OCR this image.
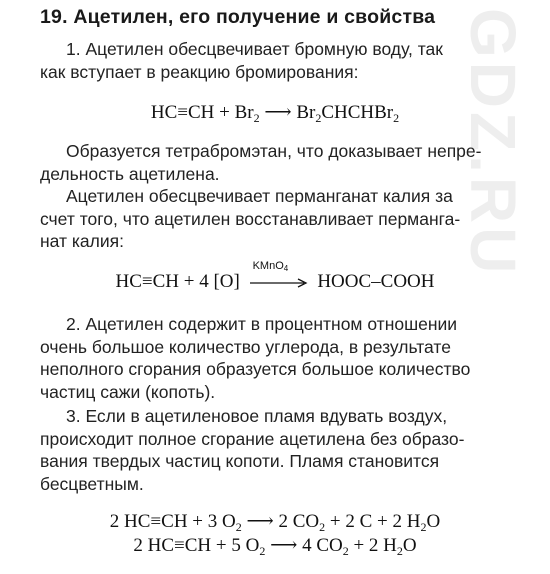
GDZ.RU
19. Ацетилен, его получение и свойства

1. Ацетилен обесцвечивает бромную воду, так
как вступает в реакцию бромирования:

$HC\equiv CH + Br_2$ ⟶ $Br_2CHCHBr_2$

Образуется тетрабромэтан, что доказывает непре-
дельность ацетилена.

Ацетилен обесцвечивает перманганат калия за
счет того, что ацетилен восстанавливает перманга-
нат калия:

HC≡CH + 4 [O]
KMnO$_4$
HOOC–COOH

2. Ацетилен содержит в процентном отношении
очень большое количество углерода, в результате
неполного сгорания образуется большое количество
частиц сажи (копоть).

3. Если в ацетиленовое пламя вдувать воздух,
происходит полное сгорание ацетилена без образо-
вания твердых частиц копоти. Пламя становится
бесцветным.

2 HC≡CH + 3 $O_2$ ⟶ 2 $CO_2 + 2$ C + 2 $H_2O$
2 HC≡CH + 5 $O_2$ ⟶ 4 $CO_2 + 2$ $H_2O$
